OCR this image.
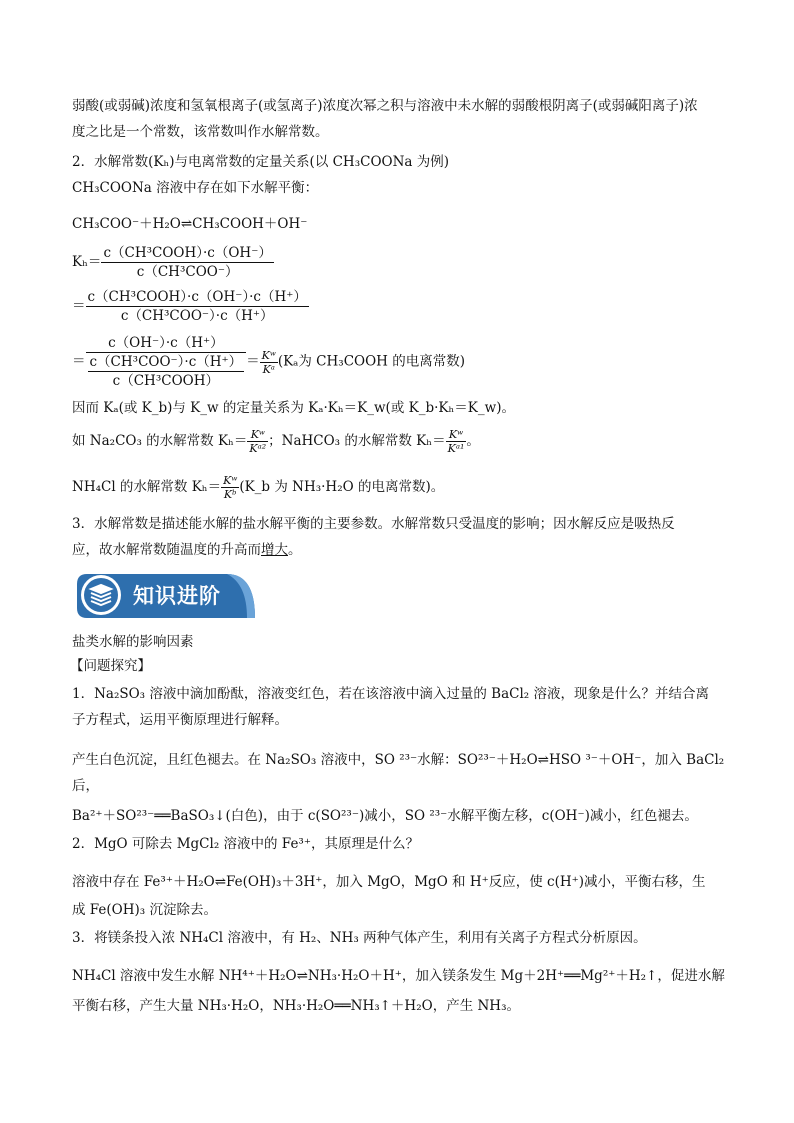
弱酸(或弱碱)浓度和氢氧根离子(或氢离子)浓度次幂之积与溶液中未水解的弱酸根阴离子(或弱碱阳离子)浓
度之比是一个常数，该常数叫作水解常数。
2．水解常数(Kₕ)与电离常数的定量关系(以 CH₃COONa 为例)
CH₃COONa 溶液中存在如下水解平衡：
CH₃COO⁻＋H₂O⇌CH₃COOH＋OH⁻
$K_h= \frac{\text{c（CH³COOH）·c（OH⁻）}}{\text{c（CH³COO⁻）}}$
＝ $\frac{\text{c（CH³COOH）·c（OH⁻）·c（H⁺）}}{\text{c（CH³COO⁻）·c（H⁺）}}$
＝ $\frac{c(OH^-)\cdot c(H^+)}{\frac{\text{c（CH³COO⁻）·c（H⁺）}}{\text{c（CH³COOH）}}} = \frac{\text{Kʷ}}{\text{Kᵃ}} (K_a$为 CH₃COOH 的电离常数)
因而 Kₐ(或 K_b)与 K_w 的定量关系为 Kₐ·Kₕ＝K_w(或 K_b·Kₕ＝K_w)。
如 Na₂CO₃ 的水解常数 $K_h= \frac{\text{Kʷ}}{\text{Kᵃ²}}$ ；NaHCO₃ 的水解常数 $K_h= \frac{\text{Kʷ}}{\text{Kᵃ¹}}$ 。
NH₄Cl 的水解常数 $K_h= \frac{\text{Kʷ}}{\text{Kᵇ}}$ (K_b 为 NH₃·H₂O 的电离常数)。
3．水解常数是描述能水解的盐水解平衡的主要参数。水解常数只受温度的影响；因水解反应是吸热反
应，故水解常数随温度的升高而增大。
知识进阶
盐类水解的影响因素
【问题探究】
1．Na₂SO₃ 溶液中滴加酚酞，溶液变红色，若在该溶液中滴入过量的 BaCl₂ 溶液，现象是什么？并结合离
子方程式，运用平衡原理进行解释。
产生白色沉淀，且红色褪去。在 Na₂SO₃ 溶液中，SO ²³⁻水解：SO²³⁻＋H₂O⇌HSO ³⁻＋OH⁻，加入 BaCl₂
后，
Ba²⁺＋SO²³⁻══BaSO₃↓(白色)，由于 c(SO²³⁻)减小，SO ²³⁻水解平衡左移，c(OH⁻)减小，红色褪去。
2．MgO 可除去 MgCl₂ 溶液中的 Fe³⁺，其原理是什么？
溶液中存在 Fe³⁺＋H₂O⇌Fe(OH)₃＋3H⁺，加入 MgO，MgO 和 H⁺反应，使 c(H⁺)减小，平衡右移，生
成 Fe(OH)₃ 沉淀除去。
3．将镁条投入浓 NH₄Cl 溶液中，有 H₂、NH₃ 两种气体产生，利用有关离子方程式分析原因。
NH₄Cl 溶液中发生水解 NH⁴⁺＋H₂O⇌NH₃·H₂O＋H⁺，加入镁条发生 Mg＋2H⁺══Mg²⁺＋H₂↑，促进水解
平衡右移，产生大量 NH₃·H₂O，NH₃·H₂O══NH₃↑＋H₂O，产生 NH₃。
